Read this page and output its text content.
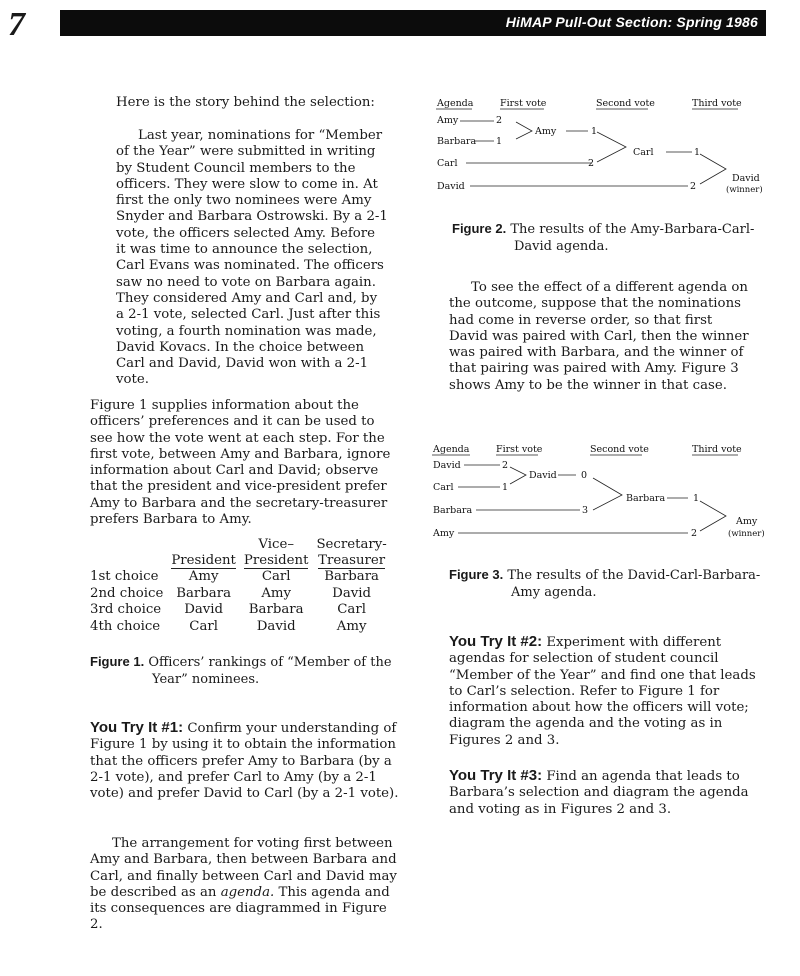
7	HiMAP Pull-Out Section: Spring 1986
Here is the story behind the selection:
Last year, nominations for “Member of the Year” were submitted in writing by Student Council members to the officers. They were slow to come in. At first the only two nominees were Amy Snyder and Barbara Ostrowski. By a 2-1 vote, the officers selected Amy. Before it was time to announce the selection, Carl Evans was nominated. The officers saw no need to vote on Barbara again. They considered Amy and Carl and, by a 2-1 vote, selected Carl. Just after this voting, a fourth nomination was made, David Kovacs. In the choice between Carl and David, David won with a 2-1 vote.
Figure 1 supplies information about the officers’ preferences and it can be used to see how the vote went at each step. For the first vote, between Amy and Barbara, ignore information about Carl and David; observe that the president and vice-president prefer Amy to Barbara and the secretary-treasurer prefers Barbara to Amy.
		Vice–	Secretary-
	President	President	Treasurer
1st choice	Amy	Carl	Barbara
2nd choice	Barbara	Amy	David
3rd choice	David	Barbara	Carl
4th choice	Carl	David	Amy
Figure 1. Officers’ rankings of “Member of the
Year” nominees.
You Try It #1: Confirm your understanding of Figure 1 by using it to obtain the information that the officers prefer Amy to Barbara (by a 2-1 vote), and prefer Carl to Amy (by a 2-1 vote) and prefer David to Carl (by a 2-1 vote).
The arrangement for voting first between Amy and Barbara, then between Barbara and Carl, and finally between Carl and David may be described as an agenda. This agenda and its consequences are diagrammed in Figure 2.
Agenda	First vote	Second vote	Third vote
Amy
Barbara
Carl
David
2
1
Amy	1
2
Carl	1
2
David
(winner)
Figure 2. The results of the Amy-Barbara-Carl-
David agenda.
To see the effect of a different agenda on the outcome, suppose that the nominations had come in reverse order, so that first David was paired with Carl, then the winner was paired with Barbara, and the winner of that pairing was paired with Amy. Figure 3 shows Amy to be the winner in that case.
Agenda	First vote	Second vote	Third vote
David
Carl
Barbara
Amy
2
1
David	0
3
Barbara	1
2
Amy
(winner)
Figure 3. The results of the David-Carl-Barbara-
Amy agenda.
You Try It #2: Experiment with different agendas for selection of student council “Member of the Year” and find one that leads to Carl’s selection. Refer to Figure 1 for information about how the officers will vote; diagram the agenda and the voting as in Figures 2 and 3.
You Try It #3: Find an agenda that leads to Barbara’s selection and diagram the agenda and voting as in Figures 2 and 3.
